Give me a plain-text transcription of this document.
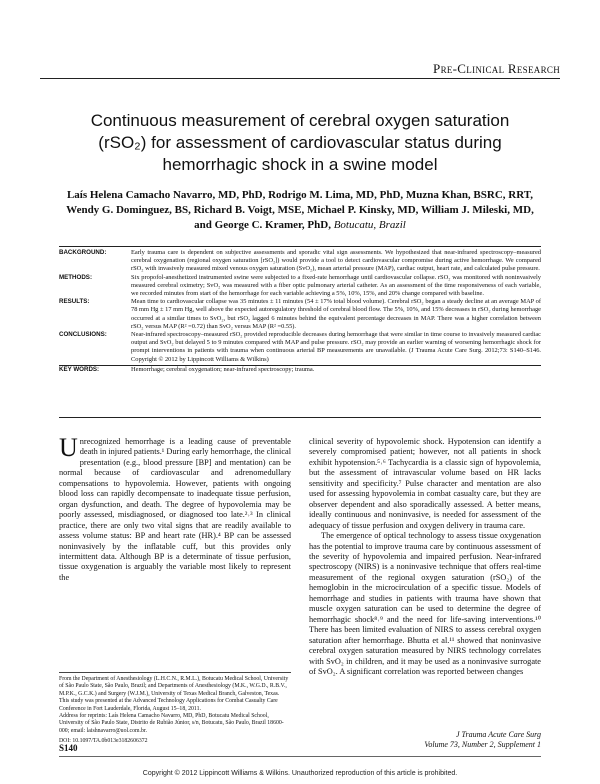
Pre-Clinical Research
Continuous measurement of cerebral oxygen saturation
(rSO₂) for assessment of cardiovascular status during
hemorrhagic shock in a swine model
Laís Helena Camacho Navarro, MD, PhD, Rodrigo M. Lima, MD, PhD, Muzna Khan, BSRC, RRT,
Wendy G. Dominguez, BS, Richard B. Voigt, MSE, Michael P. Kinsky, MD, William J. Mileski, MD,
and George C. Kramer, PhD, Botucatu, Brazil
BACKGROUND:	Early trauma care is dependent on subjective assessments and sporadic vital sign assessments. We hypothesized that near-infrared spectroscopy–measured cerebral oxygenation (regional oxygen saturation [rSO₂]) would provide a tool to detect cardiovascular compromise during active hemorrhage. We compared rSO₂ with invasively measured mixed venous oxygen saturation (SvO₂), mean arterial pressure (MAP), cardiac output, heart rate, and calculated pulse pressure.
METHODS:	Six propofol-anesthetized instrumented swine were subjected to a fixed-rate hemorrhage until cardiovascular collapse. rSO₂ was monitored with noninvasively measured cerebral oximetry; SvO₂ was measured with a fiber optic pulmonary arterial catheter. As an assessment of the time responsiveness of each variable, we recorded minutes from start of the hemorrhage for each variable achieving a 5%, 10%, 15%, and 20% change compared with baseline.
RESULTS:	Mean time to cardiovascular collapse was 35 minutes ± 11 minutes (54 ± 17% total blood volume). Cerebral rSO₂ began a steady decline at an average MAP of 78 mm Hg ± 17 mm Hg, well above the expected autoregulatory threshold of cerebral blood flow. The 5%, 10%, and 15% decreases in rSO₂ during hemorrhage occurred at a similar times to SvO₂, but rSO₂ lagged 6 minutes behind the equivalent percentage decreases in MAP. There was a higher correlation between rSO₂ versus MAP (R² =0.72) than SvO₂ versus MAP (R² =0.55).
CONCLUSIONS:	Near-infrared spectroscopy–measured rSO₂ provided reproducible decreases during hemorrhage that were similar in time course to invasively measured cardiac output and SvO₂ but delayed 5 to 9 minutes compared with MAP and pulse pressure. rSO₂ may provide an earlier warning of worsening hemorrhagic shock for prompt interventions in patients with trauma when continuous arterial BP measurements are unavailable. (J Trauma Acute Care Surg. 2012;73: S140–S146. Copyright © 2012 by Lippincott Williams & Wilkins)
KEY WORDS:	Hemorrhage; cerebral oxygenation; near-infrared spectroscopy; trauma.

Unrecognized hemorrhage is a leading cause of preventable death in injured patients.¹ During early hemorrhage, the clinical presentation (e.g., blood pressure [BP] and mentation) can be normal because of cardiovascular and adrenomedullary compensations to hypovolemia. However, patients with ongoing blood loss can rapidly decompensate to inadequate tissue perfusion, organ dysfunction, and death. The degree of hypovolemia may be poorly assessed, misdiagnosed, or diagnosed too late.²˒³ In clinical practice, there are only two vital signs that are readily available to assess volume status: BP and heart rate (HR).⁴ BP can be assessed noninvasively by the inflatable cuff, but this provides only intermittent data. Although BP is a determinate of tissue perfusion, tissue oxygenation is arguably the variable most likely to represent the

clinical severity of hypovolemic shock. Hypotension can identify a severely compromised patient; however, not all patients in shock exhibit hypotension.⁵˒⁶ Tachycardia is a classic sign of hypovolemia, but the assessment of intravascular volume based on HR lacks sensitivity and specificity.⁷ Pulse character and mentation are also used for assessing hypovolemia in combat casualty care, but they are observer dependent and also sporadically assessed. A better means, ideally continuous and noninvasive, is needed for assessment of the adequacy of tissue perfusion and oxygen delivery in trauma care.

The emergence of optical technology to assess tissue oxygenation has the potential to improve trauma care by continuous assessment of the severity of hypovolemia and impaired perfusion. Near-infrared spectroscopy (NIRS) is a noninvasive technique that offers real-time measurement of the regional oxygen saturation (rSO₂) of the hemoglobin in the microcirculation of a specific tissue. Models of hemorrhage and studies in patients with trauma have shown that muscle oxygen saturation can be used to determine the degree of hemorrhagic shock⁸˒⁹ and the need for life-saving interventions.¹⁰ There has been limited evaluation of NIRS to assess cerebral oxygen saturation after hemorrhage. Bhutta et al.¹¹ showed that noninvasive cerebral oxygen saturation measured by NIRS technology correlates with SvO₂ in children, and it may be used as a noninvasive surrogate of SvO₂. A significant correlation was reported between changes

From the Department of Anesthesiology (L.H.C.N., R.M.L.), Botucatu Medical School, University of São Paulo State, São Paulo, Brazil; and Departments of Anesthesiology (M.K., W.G.D., R.B.V., M.P.K., G.C.K.) and Surgery (W.J.M.), University of Texas Medical Branch, Galveston, Texas.
This study was presented at the Advanced Technology Applications for Combat Casualty Care Conference in Fort Lauderdale, Florida, August 15–18, 2011.
Address for reprints: Laís Helena Camacho Navarro, MD, PhD, Botucatu Medical School, University of São Paulo State, Distrito de Rubião Júnior, s/n, Botucatu, São Paulo, Brazil 18600-000; email: laishnavarro@uol.com.br.
DOI: 10.1097/TA.0b013e3182606372
S140
J Trauma Acute Care Surg
Volume 73, Number 2, Supplement 1
Copyright © 2012 Lippincott Williams & Wilkins. Unauthorized reproduction of this article is prohibited.
